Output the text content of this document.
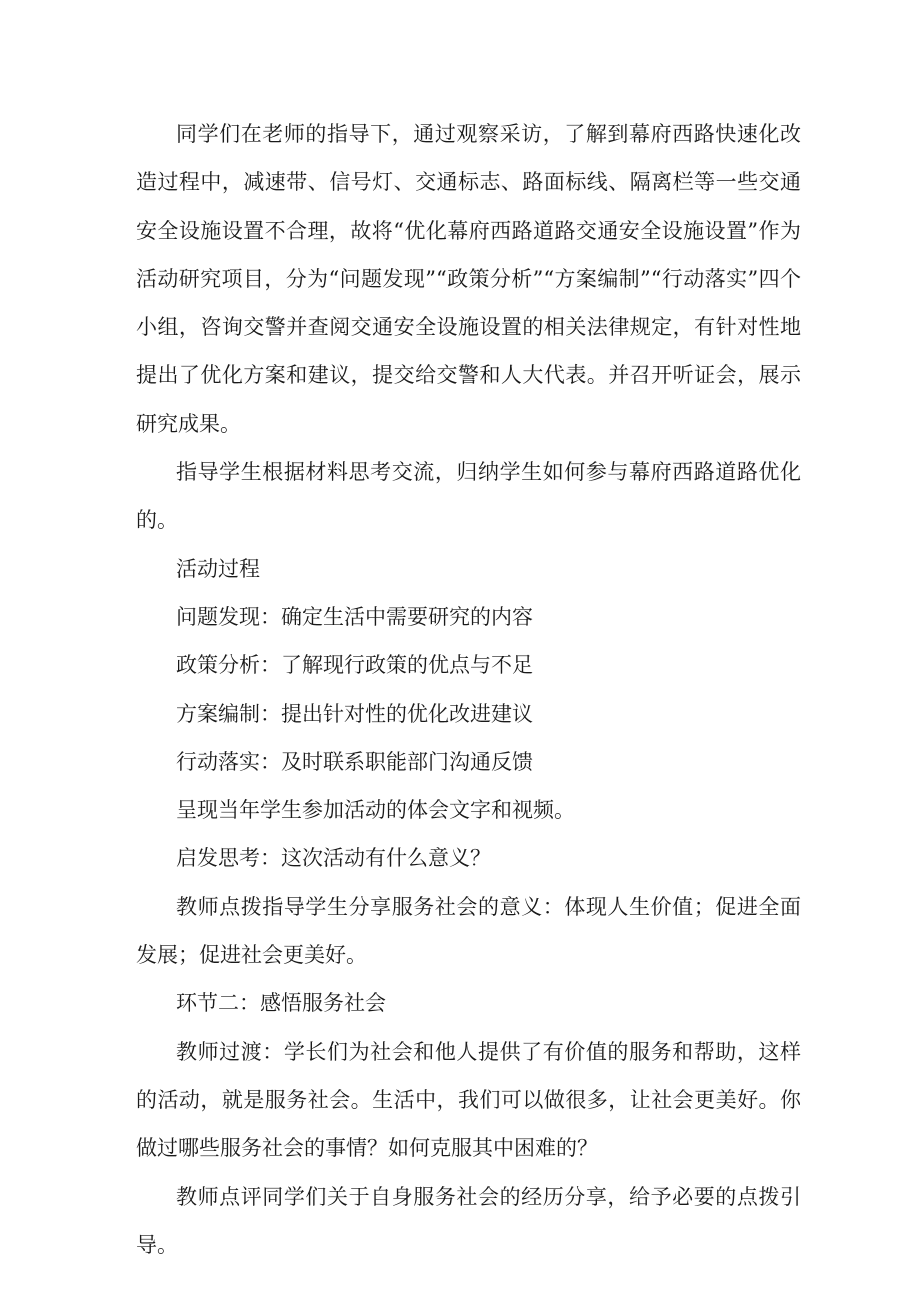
同学们在老师的指导下，通过观察采访，了解到幕府西路快速化改造过程中，减速带、信号灯、交通标志、路面标线、隔离栏等一些交通安全设施设置不合理，故将“优化幕府西路道路交通安全设施设置”作为活动研究项目，分为“问题发现”“政策分析”“方案编制”“行动落实”四个小组，咨询交警并查阅交通安全设施设置的相关法律规定，有针对性地提出了优化方案和建议，提交给交警和人大代表。并召开听证会，展示研究成果。

指导学生根据材料思考交流，归纳学生如何参与幕府西路道路优化的。

活动过程

问题发现：确定生活中需要研究的内容

政策分析：了解现行政策的优点与不足

方案编制：提出针对性的优化改进建议

行动落实：及时联系职能部门沟通反馈

呈现当年学生参加活动的体会文字和视频。

启发思考：这次活动有什么意义？

教师点拨指导学生分享服务社会的意义：体现人生价值；促进全面发展；促进社会更美好。

环节二：感悟服务社会

教师过渡：学长们为社会和他人提供了有价值的服务和帮助，这样的活动，就是服务社会。生活中，我们可以做很多，让社会更美好。你做过哪些服务社会的事情？如何克服其中困难的？

教师点评同学们关于自身服务社会的经历分享，给予必要的点拨引导。
